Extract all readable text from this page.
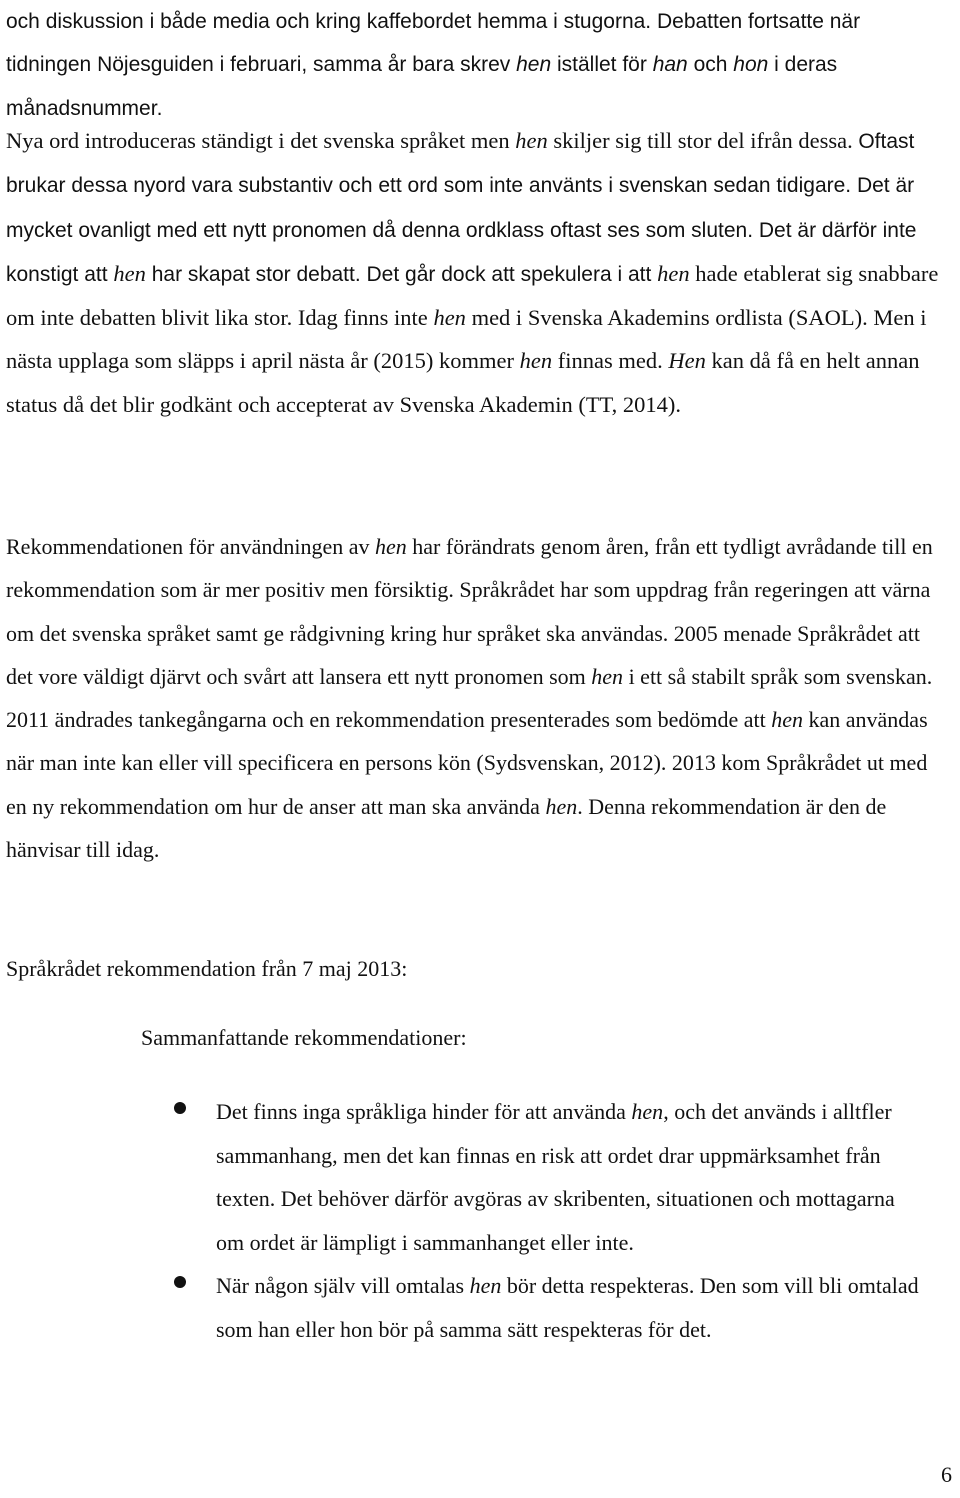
och diskussion i både media och kring kaffebordet hemma i stugorna. Debatten fortsatte när tidningen Nöjesguiden i februari, samma år bara skrev hen istället för han och hon i deras månadsnummer.

Nya ord introduceras ständigt i det svenska språket men hen skiljer sig till stor del ifrån dessa. Oftast brukar dessa nyord vara substantiv och ett ord som inte använts i svenskan sedan tidigare. Det är mycket ovanligt med ett nytt pronomen då denna ordklass oftast ses som sluten. Det är därför inte konstigt att hen har skapat stor debatt. Det går dock att spekulera i att hen hade etablerat sig snabbare om inte debatten blivit lika stor. Idag finns inte hen med i Svenska Akademins ordlista (SAOL). Men i nästa upplaga som släpps i april nästa år (2015) kommer hen finnas med. Hen kan då få en helt annan status då det blir godkänt och accepterat av Svenska Akademin (TT, 2014).

Rekommendationen för användningen av hen har förändrats genom åren, från ett tydligt avrådande till en rekommendation som är mer positiv men försiktig. Språkrådet har som uppdrag från regeringen att värna om det svenska språket samt ge rådgivning kring hur språket ska användas. 2005 menade Språkrådet att det vore väldigt djärvt och svårt att lansera ett nytt pronomen som hen i ett så stabilt språk som svenskan. 2011 ändrades tankegångarna och en rekommendation presenterades som bedömde att hen kan användas när man inte kan eller vill specificera en persons kön (Sydsvenskan, 2012). 2013 kom Språkrådet ut med en ny rekommendation om hur de anser att man ska använda hen. Denna rekommendation är den de hänvisar till idag.

Språkrådet rekommendation från 7 maj 2013:

Sammanfattande rekommendationer:

Det finns inga språkliga hinder för att använda hen, och det används i alltfler sammanhang, men det kan finnas en risk att ordet drar uppmärksamhet från texten. Det behöver därför avgöras av skribenten, situationen och mottagarna om ordet är lämpligt i sammanhanget eller inte.
När någon själv vill omtalas hen bör detta respekteras. Den som vill bli omtalad som han eller hon bör på samma sätt respekteras för det.

6
